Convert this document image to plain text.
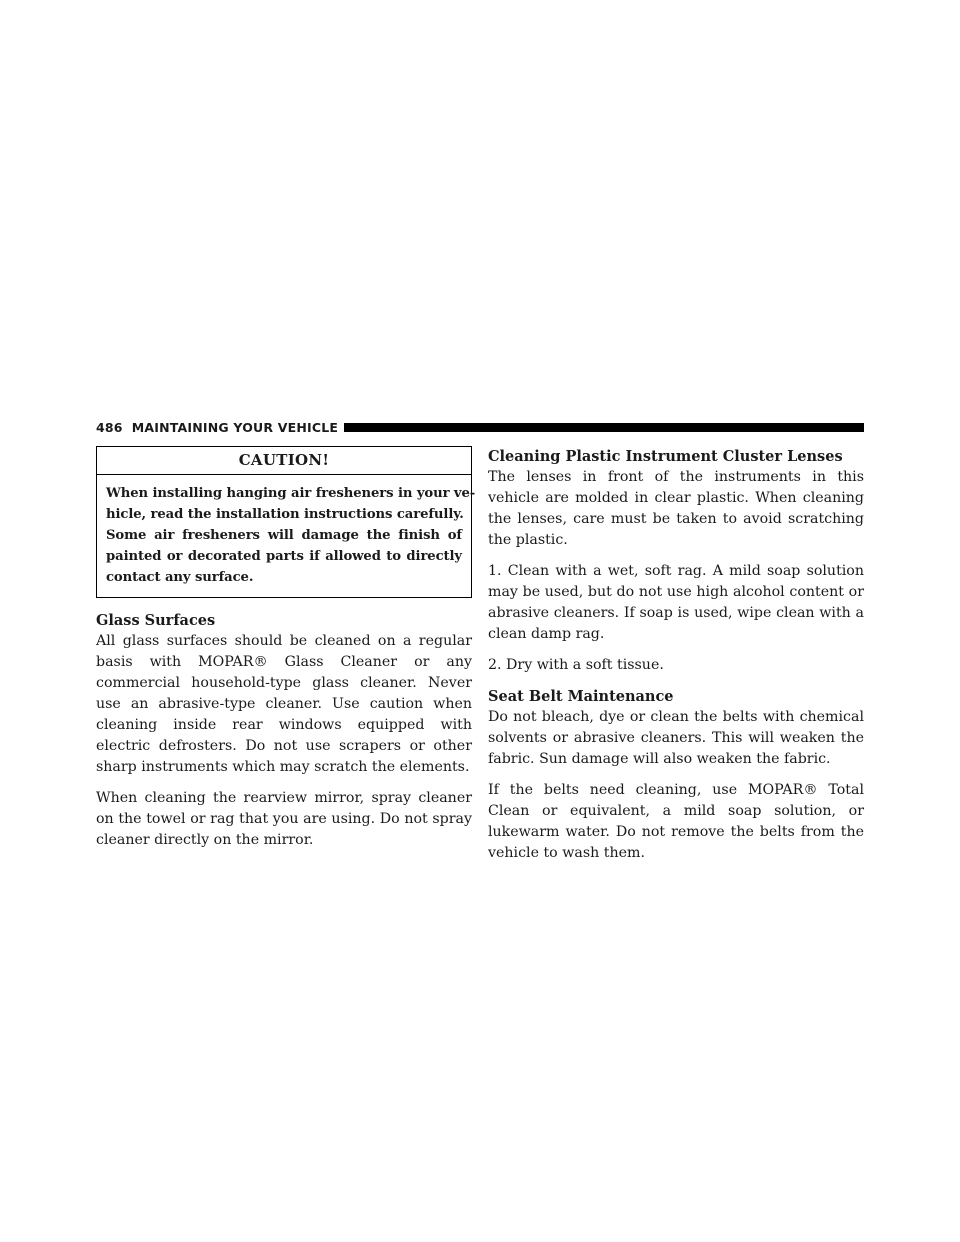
486 MAINTAINING YOUR VEHICLE
CAUTION!
When installing hanging air fresheners in your ve-
hicle, read the installation instructions carefully.
Some air fresheners will damage the finish of
painted or decorated parts if allowed to directly
contact any surface.
Glass Surfaces

All glass surfaces should be cleaned on a regular basis with MOPAR® Glass Cleaner or any commercial household-type glass cleaner. Never use an abrasive-type cleaner. Use caution when cleaning inside rear windows equipped with electric defrosters. Do not use scrapers or other sharp instruments which may scratch the elements.

When cleaning the rearview mirror, spray cleaner on the towel or rag that you are using. Do not spray cleaner directly on the mirror.

Cleaning Plastic Instrument Cluster Lenses

The lenses in front of the instruments in this vehicle are molded in clear plastic. When cleaning the lenses, care must be taken to avoid scratching the plastic.

1. Clean with a wet, soft rag. A mild soap solution may be used, but do not use high alcohol content or abrasive cleaners. If soap is used, wipe clean with a clean damp rag.

2. Dry with a soft tissue.

Seat Belt Maintenance

Do not bleach, dye or clean the belts with chemical solvents or abrasive cleaners. This will weaken the fabric. Sun damage will also weaken the fabric.

If the belts need cleaning, use MOPAR® Total Clean or equivalent, a mild soap solution, or lukewarm water. Do not remove the belts from the vehicle to wash them.
